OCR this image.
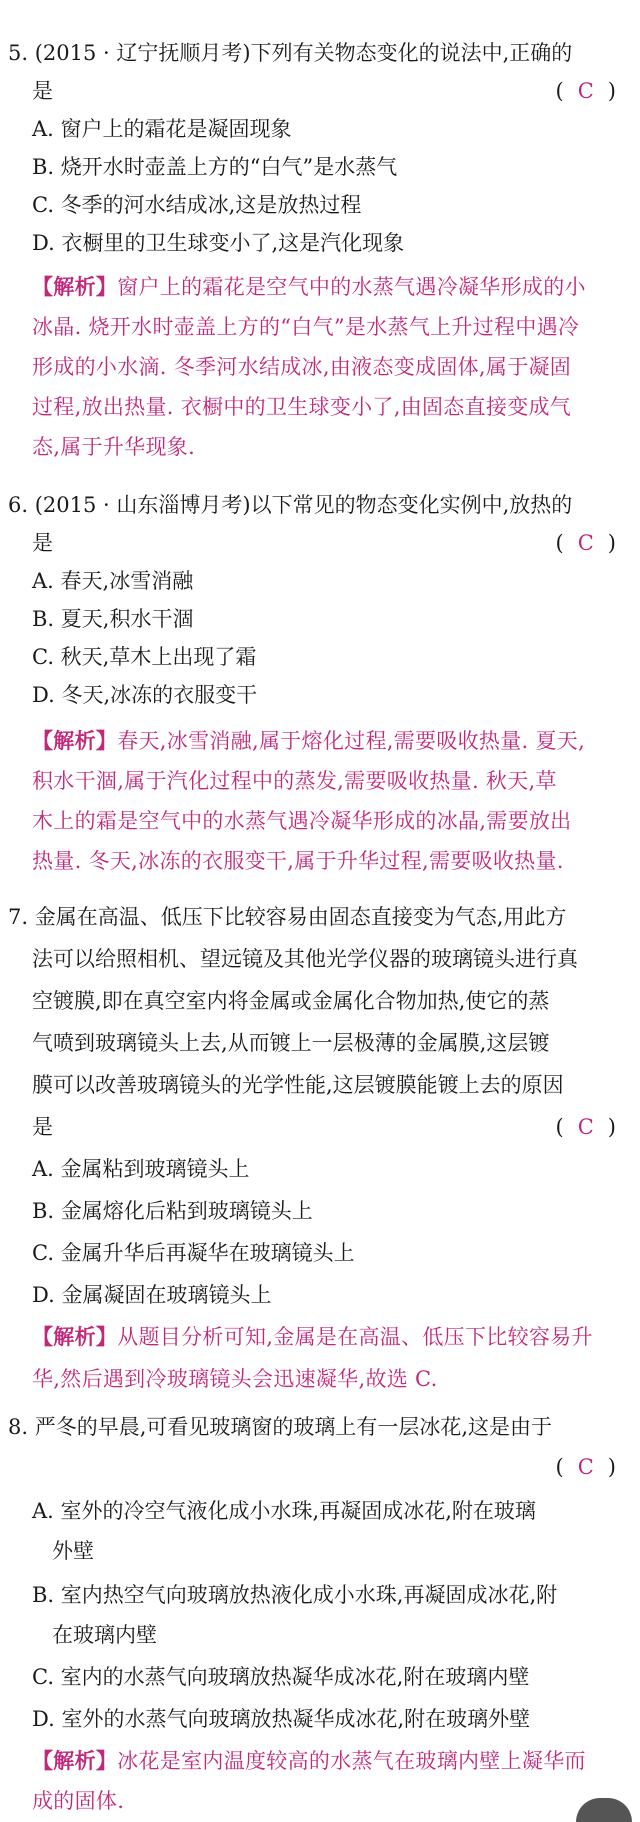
5. (2015 · 辽宁抚顺月考)下列有关物态变化的说法中,正确的
是	( C )
A. 窗户上的霜花是凝固现象
B. 烧开水时壶盖上方的“白气”是水蒸气
C. 冬季的河水结成冰,这是放热过程
D. 衣橱里的卫生球变小了,这是汽化现象
【解析】窗户上的霜花是空气中的水蒸气遇冷凝华形成的小
冰晶. 烧开水时壶盖上方的“白气”是水蒸气上升过程中遇冷
形成的小水滴. 冬季河水结成冰,由液态变成固体,属于凝固
过程,放出热量. 衣橱中的卫生球变小了,由固态直接变成气
态,属于升华现象.
6. (2015 · 山东淄博月考)以下常见的物态变化实例中,放热的
是	( C )
A. 春天,冰雪消融
B. 夏天,积水干涸
C. 秋天,草木上出现了霜
D. 冬天,冰冻的衣服变干
【解析】春天,冰雪消融,属于熔化过程,需要吸收热量. 夏天,
积水干涸,属于汽化过程中的蒸发,需要吸收热量. 秋天,草
木上的霜是空气中的水蒸气遇冷凝华形成的冰晶,需要放出
热量. 冬天,冰冻的衣服变干,属于升华过程,需要吸收热量.
7. 金属在高温、低压下比较容易由固态直接变为气态,用此方
法可以给照相机、望远镜及其他光学仪器的玻璃镜头进行真
空镀膜,即在真空室内将金属或金属化合物加热,使它的蒸
气喷到玻璃镜头上去,从而镀上一层极薄的金属膜,这层镀
膜可以改善玻璃镜头的光学性能,这层镀膜能镀上去的原因
是	( C )
A. 金属粘到玻璃镜头上
B. 金属熔化后粘到玻璃镜头上
C. 金属升华后再凝华在玻璃镜头上
D. 金属凝固在玻璃镜头上
【解析】从题目分析可知,金属是在高温、低压下比较容易升
华,然后遇到冷玻璃镜头会迅速凝华,故选 C.
8. 严冬的早晨,可看见玻璃窗的玻璃上有一层冰花,这是由于
( C )
A. 室外的冷空气液化成小水珠,再凝固成冰花,附在玻璃
外壁
B. 室内热空气向玻璃放热液化成小水珠,再凝固成冰花,附
在玻璃内壁
C. 室内的水蒸气向玻璃放热凝华成冰花,附在玻璃内壁
D. 室外的水蒸气向玻璃放热凝华成冰花,附在玻璃外壁
【解析】冰花是室内温度较高的水蒸气在玻璃内壁上凝华而
成的固体.
